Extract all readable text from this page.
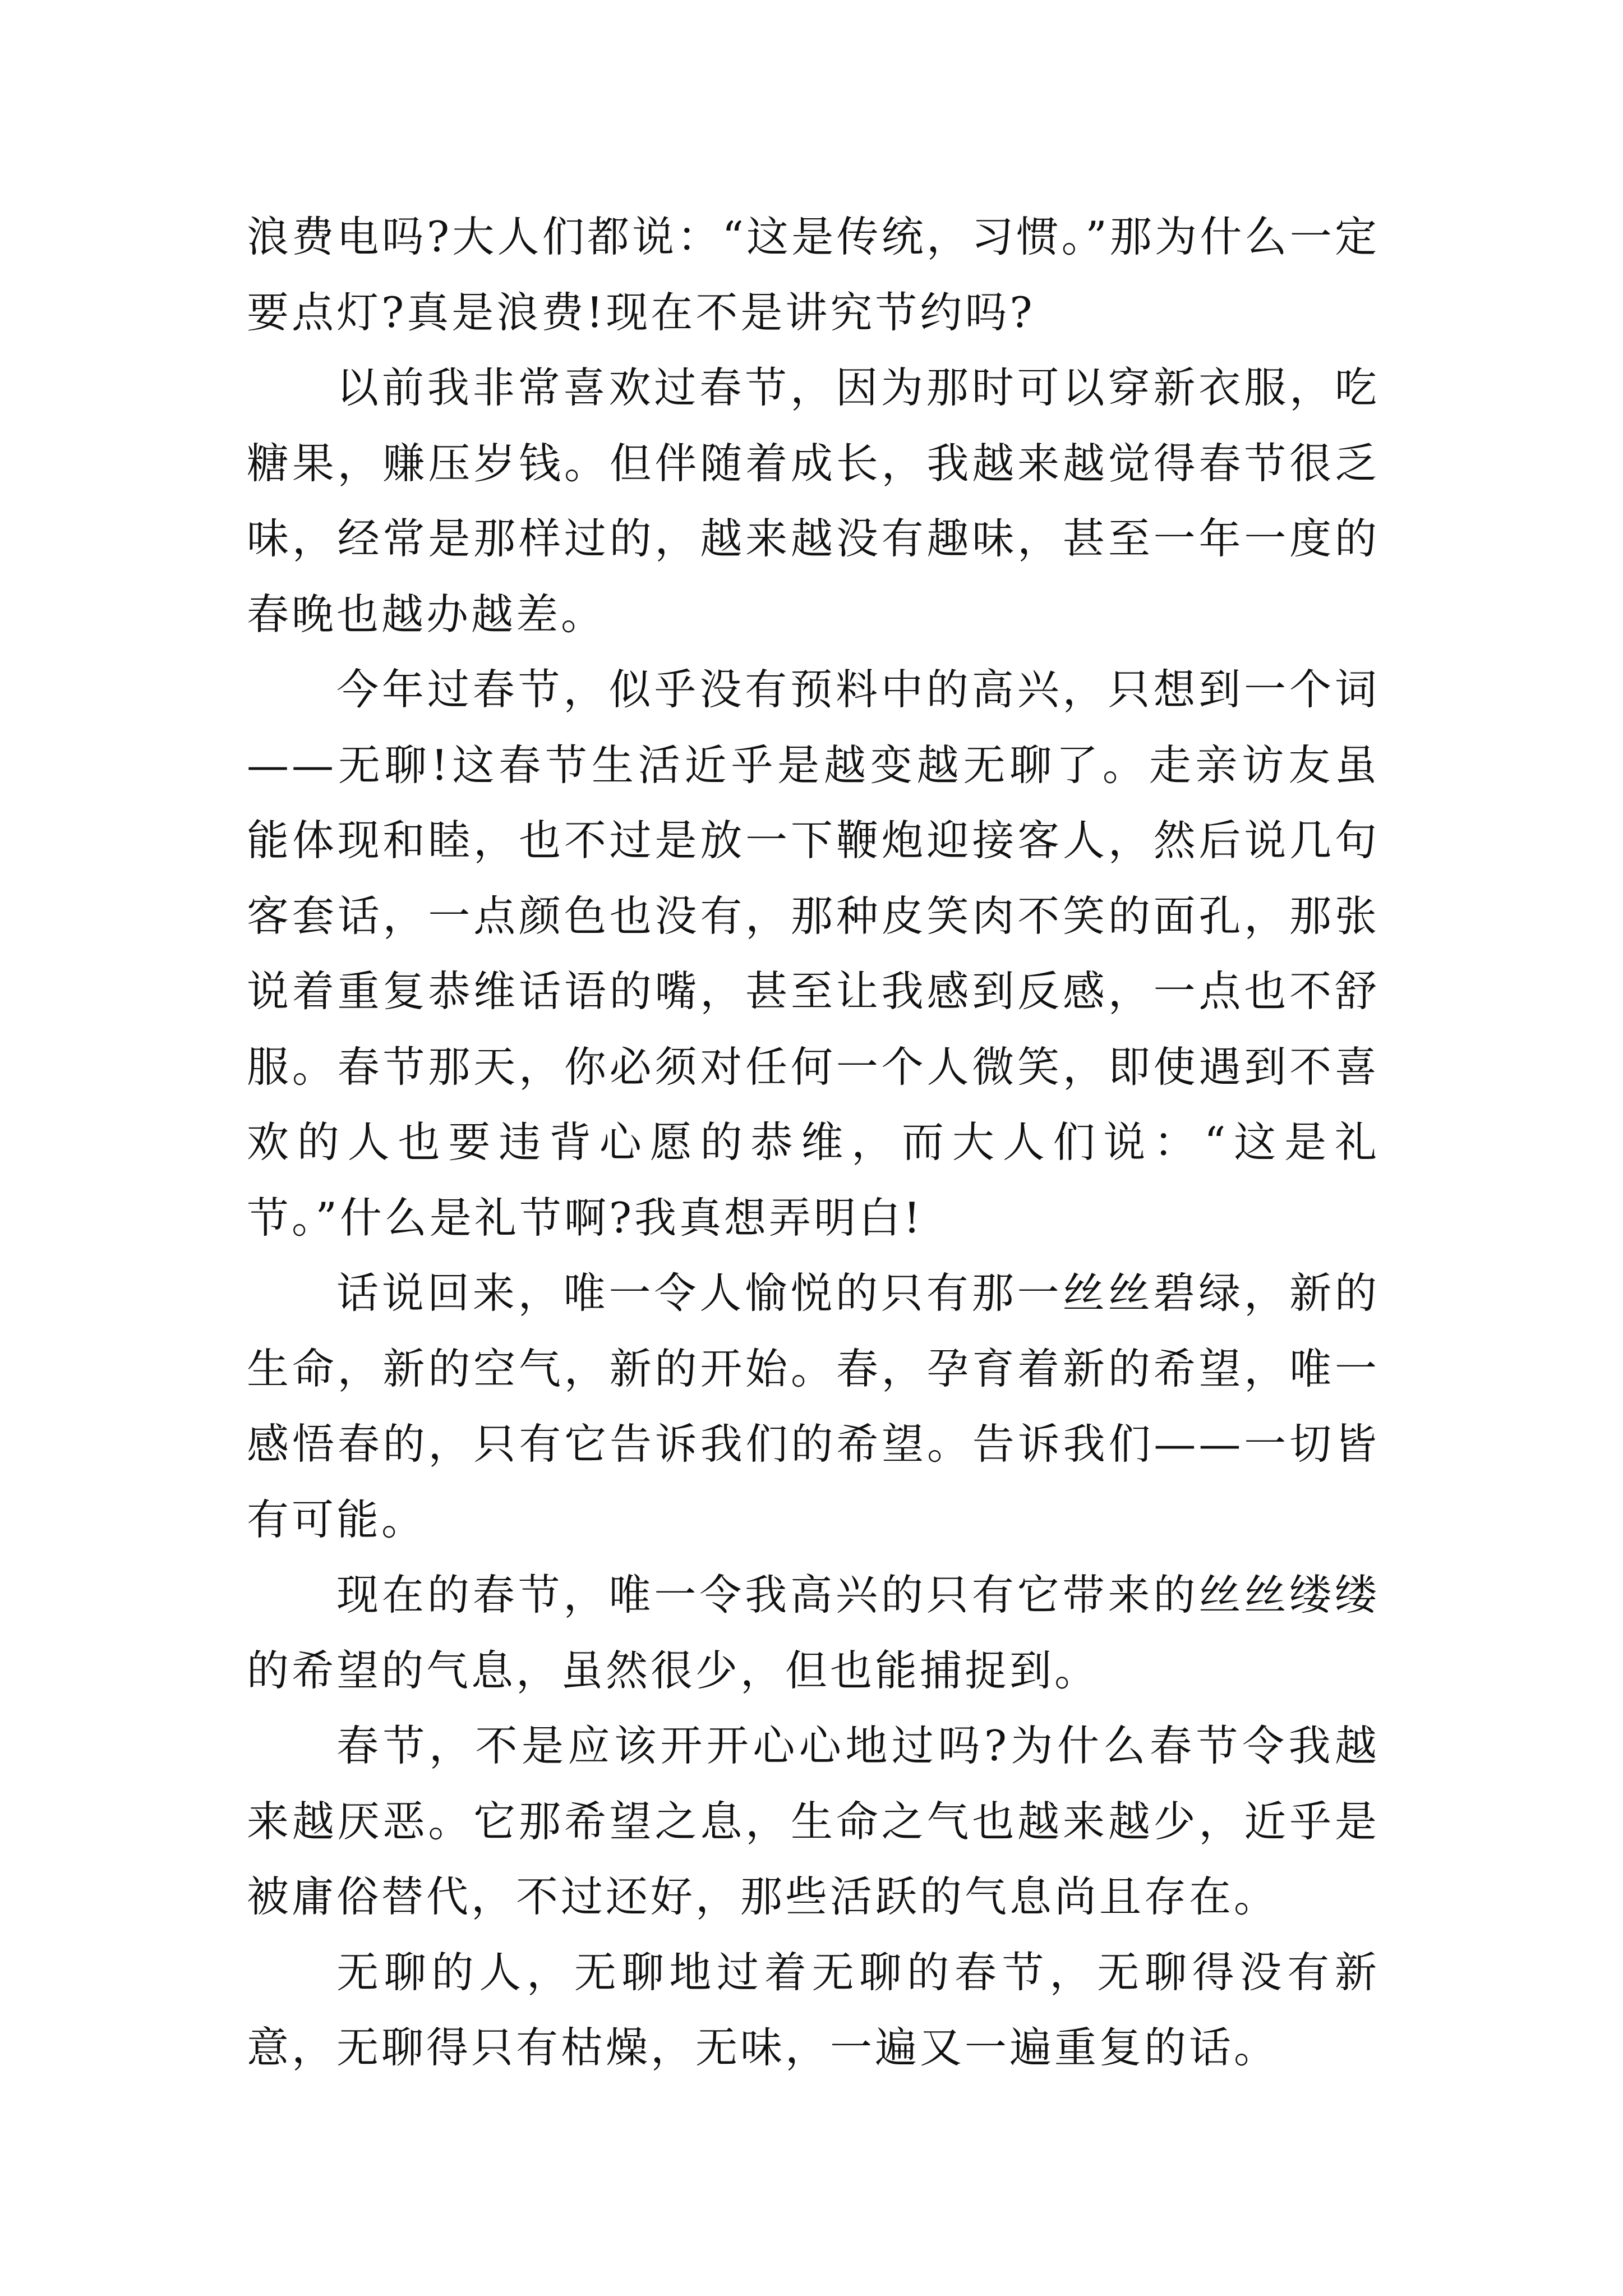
浪费电吗?大人们都说：“这是传统，习惯。”那为什么一定要点灯?真是浪费!现在不是讲究节约吗?

以前我非常喜欢过春节，因为那时可以穿新衣服，吃糖果，赚压岁钱。但伴随着成长，我越来越觉得春节很乏味，经常是那样过的，越来越没有趣味，甚至一年一度的春晚也越办越差。

今年过春节，似乎没有预料中的高兴，只想到一个词——无聊!这春节生活近乎是越变越无聊了。走亲访友虽能体现和睦，也不过是放一下鞭炮迎接客人，然后说几句客套话，一点颜色也没有，那种皮笑肉不笑的面孔，那张说着重复恭维话语的嘴，甚至让我感到反感，一点也不舒服。春节那天，你必须对任何一个人微笑，即使遇到不喜欢的人也要违背心愿的恭维，而大人们说：“这是礼节。”什么是礼节啊?我真想弄明白!

话说回来，唯一令人愉悦的只有那一丝丝碧绿，新的生命，新的空气，新的开始。春，孕育着新的希望，唯一感悟春的，只有它告诉我们的希望。告诉我们——一切皆有可能。

现在的春节，唯一令我高兴的只有它带来的丝丝缕缕的希望的气息，虽然很少，但也能捕捉到。

春节，不是应该开开心心地过吗?为什么春节令我越来越厌恶。它那希望之息，生命之气也越来越少，近乎是被庸俗替代，不过还好，那些活跃的气息尚且存在。

无聊的人，无聊地过着无聊的春节，无聊得没有新意，无聊得只有枯燥，无味，一遍又一遍重复的话。
